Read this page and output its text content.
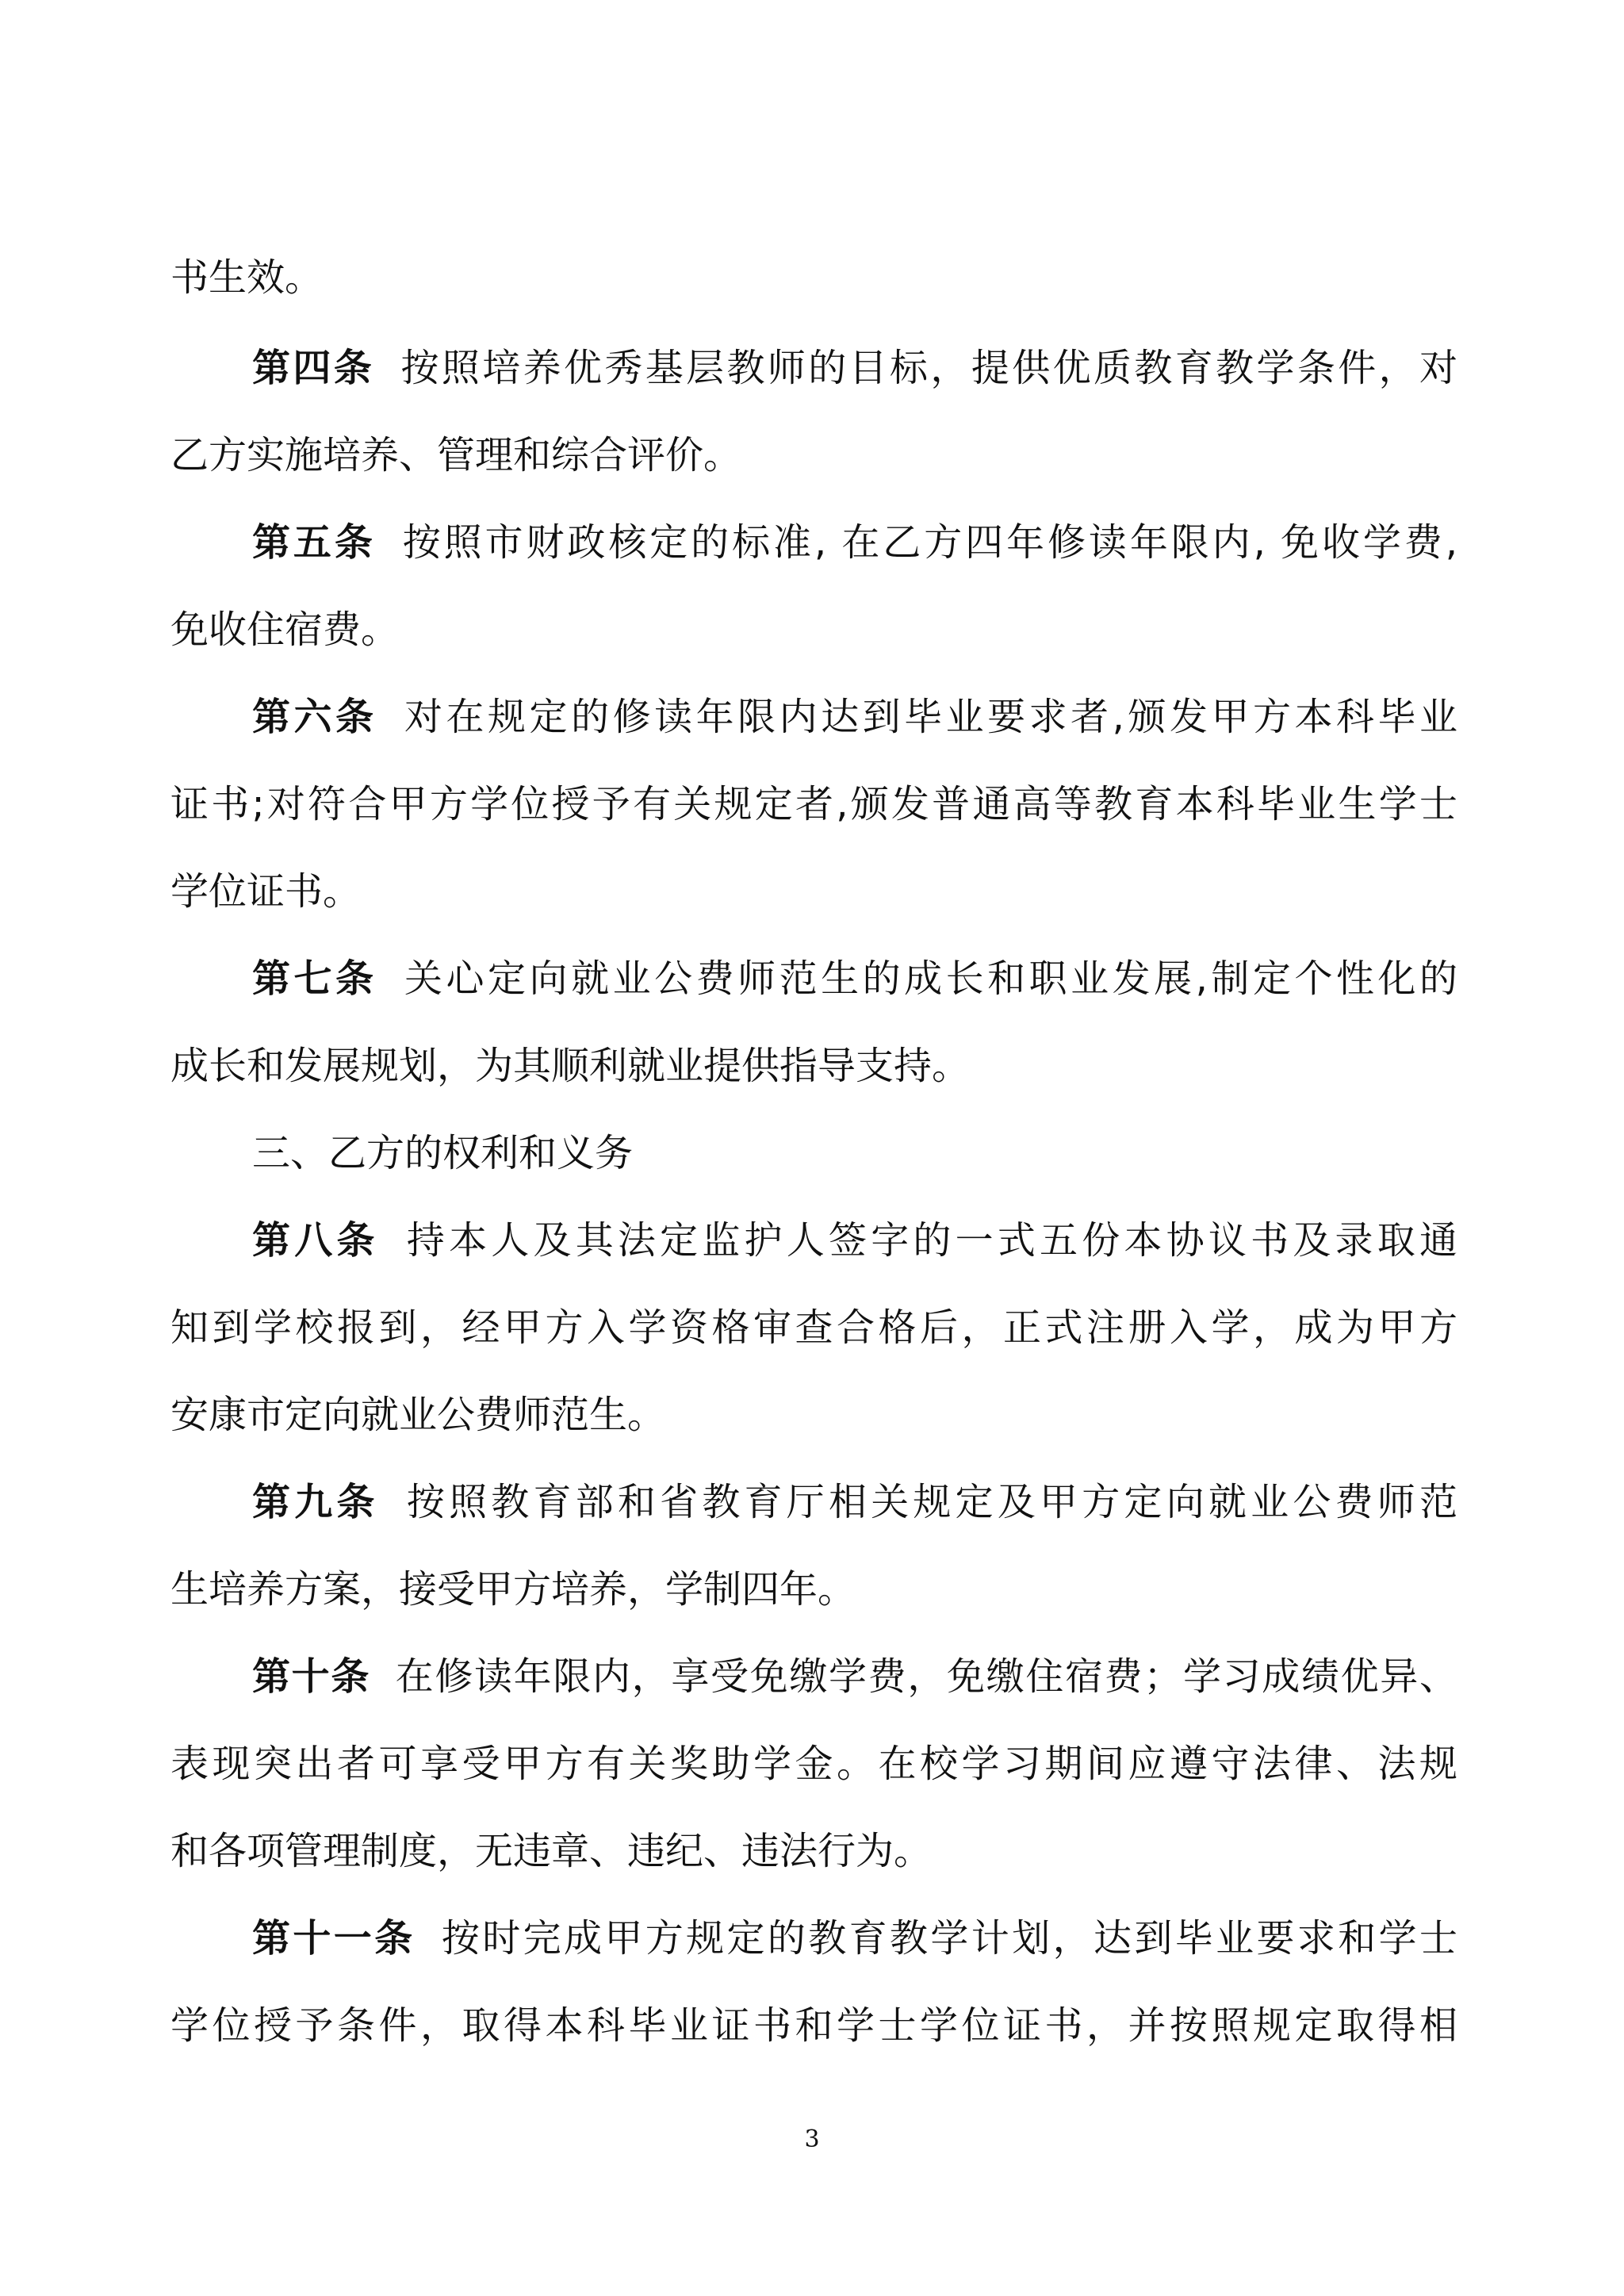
书生效。
第四条 按照培养优秀基层教师的目标，提供优质教育教学条件，对
乙方实施培养、管理和综合评价。
第五条 按照市财政核定的标准, 在乙方四年修读年限内, 免收学费,
免收住宿费。
第六条 对在规定的修读年限内达到毕业要求者,颁发甲方本科毕业
证书;对符合甲方学位授予有关规定者,颁发普通高等教育本科毕业生学士
学位证书。
第七条 关心定向就业公费师范生的成长和职业发展,制定个性化的
成长和发展规划，为其顺利就业提供指导支持。
三、乙方的权利和义务
第八条 持本人及其法定监护人签字的一式五份本协议书及录取通
知到学校报到，经甲方入学资格审查合格后，正式注册入学，成为甲方
安康市定向就业公费师范生。
第九条 按照教育部和省教育厅相关规定及甲方定向就业公费师范
生培养方案，接受甲方培养，学制四年。
第十条 在修读年限内，享受免缴学费，免缴住宿费；学习成绩优异、
表现突出者可享受甲方有关奖助学金。在校学习期间应遵守法律、法规
和各项管理制度，无违章、违纪、违法行为。
第十一条 按时完成甲方规定的教育教学计划，达到毕业要求和学士
学位授予条件，取得本科毕业证书和学士学位证书，并按照规定取得相
3
